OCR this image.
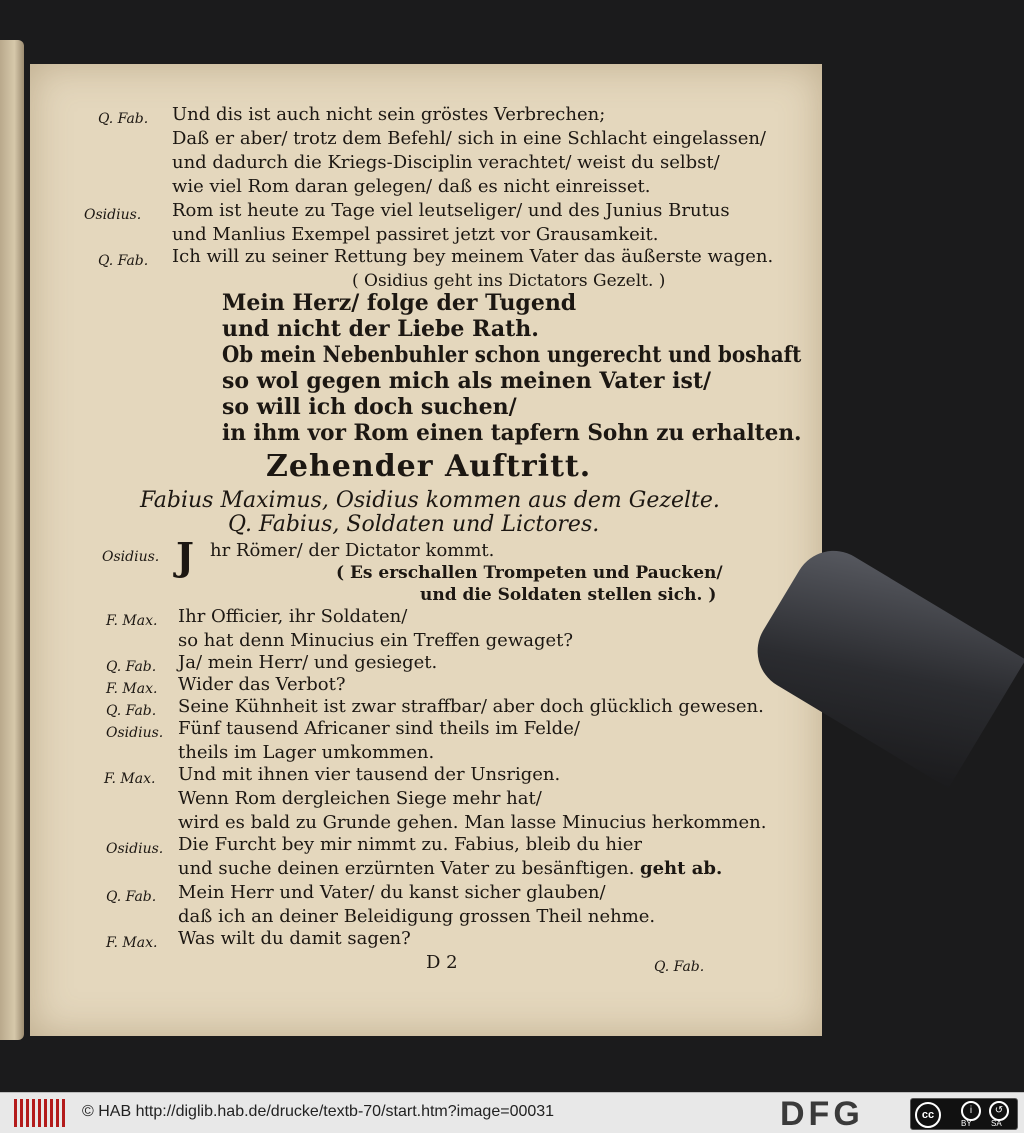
Q. Fab. Und dis ist auch nicht sein gröstes Verbrechen;
Daß er aber/ trotz dem Befehl/ sich in eine Schlacht eingelassen/
und dadurch die Kriegs-Disciplin verachtet/ weist du selbst/
wie viel Rom daran gelegen/ daß es nicht einreisset.
Osidius. Rom ist heute zu Tage viel leutseliger/ und des Junius Brutus
und Manlius Exempel passiret jetzt vor Grausamkeit.
Q. Fab. Ich will zu seiner Rettung bey meinem Vater das äußerste wagen.
( Osidius geht ins Dictators Gezelt. )
Mein Herz/ folge der Tugend
und nicht der Liebe Rath.
Ob mein Nebenbuhler schon ungerecht und boshaft
so wol gegen mich als meinen Vater ist/
so will ich doch suchen/
in ihm vor Rom einen tapfern Sohn zu erhalten.
Zehender Auftritt.
Fabius Maximus, Osidius kommen aus dem Gezelte.
Q. Fabius, Soldaten und Lictores.
Osidius. J hr Römer/ der Dictator kommt.
( Es erschallen Trompeten und Paucken/
und die Soldaten stellen sich. )
F. Max. Ihr Officier, ihr Soldaten/
so hat denn Minucius ein Treffen gewaget?
Q. Fab. Ja/ mein Herr/ und gesieget.
F. Max. Wider das Verbot?
Q. Fab. Seine Kühnheit ist zwar straffbar/ aber doch glücklich gewesen.
Osidius. Fünf tausend Africaner sind theils im Felde/
theils im Lager umkommen.
F. Max. Und mit ihnen vier tausend der Unsrigen.
Wenn Rom dergleichen Siege mehr hat/
wird es bald zu Grunde gehen. Man lasse Minucius herkommen.
Osidius. Die Furcht bey mir nimmt zu. Fabius, bleib du hier
und suche deinen erzürnten Vater zu besänftigen. geht ab.
Q. Fab. Mein Herr und Vater/ du kanst sicher glauben/
daß ich an deiner Beleidigung grossen Theil nehme.
F. Max. Was wilt du damit sagen?
D 2	Q. Fab.
© HAB http://diglib.hab.de/drucke/textb-70/start.htm?image=00031	DFG	cc	i	↺
BY SA
